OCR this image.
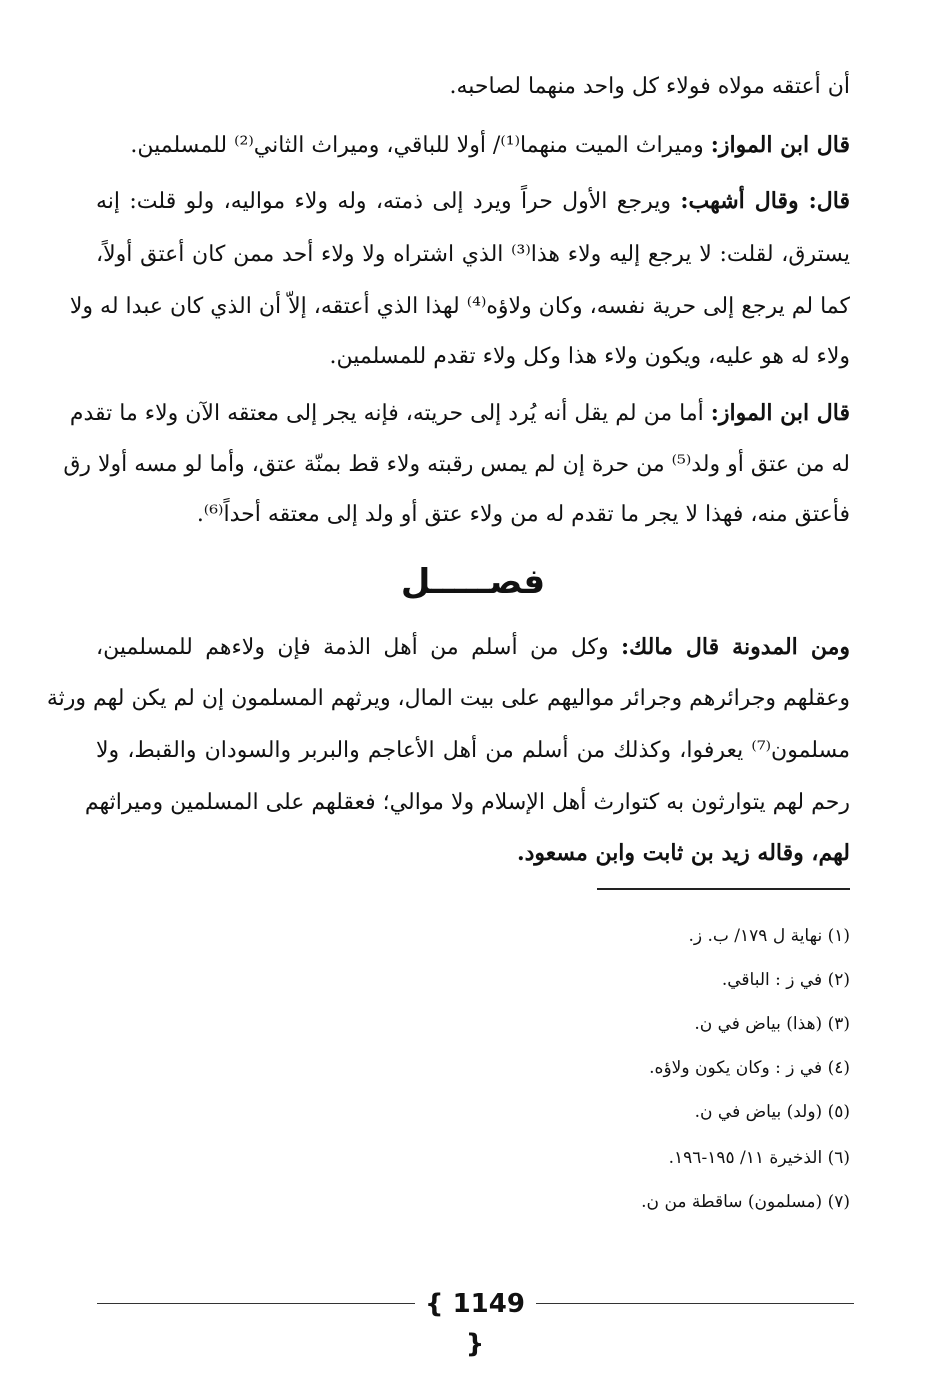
أن أعتقه مولاه فولاء كل واحد منهما لصاحبه.
قال ابن المواز: وميراث الميت منهما⁽¹⁾/ أولا للباقي، وميراث الثاني⁽²⁾ للمسلمين.
قال: وقال أشهب: ويرجع الأول حراً ويرد إلى ذمته، وله ولاء مواليه، ولو قلت: إنه
يسترق، لقلت: لا يرجع إليه ولاء هذا⁽³⁾ الذي اشتراه ولا ولاء أحد ممن كان أعتق أولاً،
كما لم يرجع إلى حرية نفسه، وكان ولاؤه⁽⁴⁾ لهذا الذي أعتقه، إلاّ أن الذي كان عبدا له ولا
ولاء له هو عليه، ويكون ولاء هذا وكل ولاء تقدم للمسلمين.
قال ابن المواز: أما من لم يقل أنه يُرد إلى حريته، فإنه يجر إلى معتقه الآن ولاء ما تقدم
له من عتق أو ولد⁽⁵⁾ من حرة إن لم يمس رقبته ولاء قط بمنّة عتق، وأما لو مسه أولا رق
فأعتق منه، فهذا لا يجر ما تقدم له من ولاء عتق أو ولد إلى معتقه أحداً⁽⁶⁾.
فصـــــل
ومن المدونة قال مالك: وكل من أسلم من أهل الذمة فإن ولاءهم للمسلمين،
وعقلهم وجرائرهم وجرائر مواليهم على بيت المال، ويرثهم المسلمون إن لم يكن لهم ورثة
مسلمون⁽⁷⁾ يعرفوا، وكذلك من أسلم من أهل الأعاجم والبربر والسودان والقبط، ولا
رحم لهم يتوارثون به كتوارث أهل الإسلام ولا موالي؛ فعقلهم على المسلمين وميراثهم
لهم، وقاله زيد بن ثابت وابن مسعود.
(١) نهاية ل ١٧٩/ ب. ز.
(٢) في ز : الباقي.
(٣) (هذا) بياض في ن.
(٤) في ز : وكان يكون ولاؤه.
(٥) (ولد) بياض في ن.
(٦) الذخيرة ١١/ ١٩٥-١٩٦.
(٧) (مسلمون) ساقطة من ن.
{ 1149 }
